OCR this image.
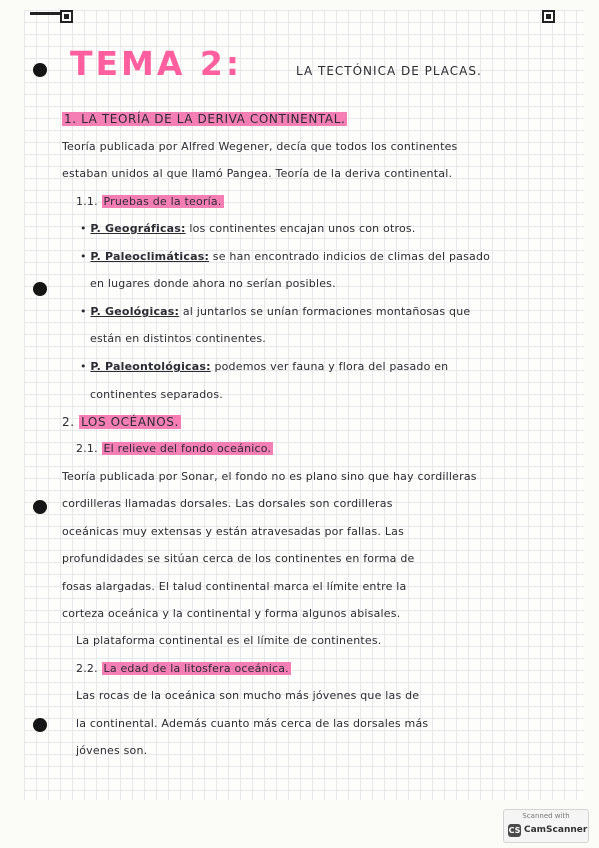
TEMA 2:	LA TECTÓNICA DE PLACAS.
1. LA TEORÍA DE LA DERIVA CONTINENTAL.
Teoría publicada por Alfred Wegener, decía que todos los continentes
estaban unidos al que llamó Pangea. Teoría de la deriva continental.
1.1. Pruebas de la teoría.
• P. Geográficas: los continentes encajan unos con otros.
• P. Paleoclimáticas: se han encontrado indicios de climas del pasado
en lugares donde ahora no serían posibles.
• P. Geológicas: al juntarlos se unían formaciones montañosas que
están en distintos continentes.
• P. Paleontológicas: podemos ver fauna y flora del pasado en
continentes separados.
2. LOS OCÉANOS.
2.1. El relieve del fondo oceánico.
Teoría publicada por Sonar, el fondo no es plano sino que hay cordilleras
cordilleras llamadas dorsales. Las dorsales son cordilleras
oceánicas muy extensas y están atravesadas por fallas. Las
profundidades se sitúan cerca de los continentes en forma de
fosas alargadas. El talud continental marca el límite entre la
corteza oceánica y la continental y forma algunos abisales.
La plataforma continental es el límite de continentes.
2.2. La edad de la litosfera oceánica.
Las rocas de la oceánica son mucho más jóvenes que las de
la continental. Además cuanto más cerca de las dorsales más
jóvenes son.
Scanned with
CS CamScanner
